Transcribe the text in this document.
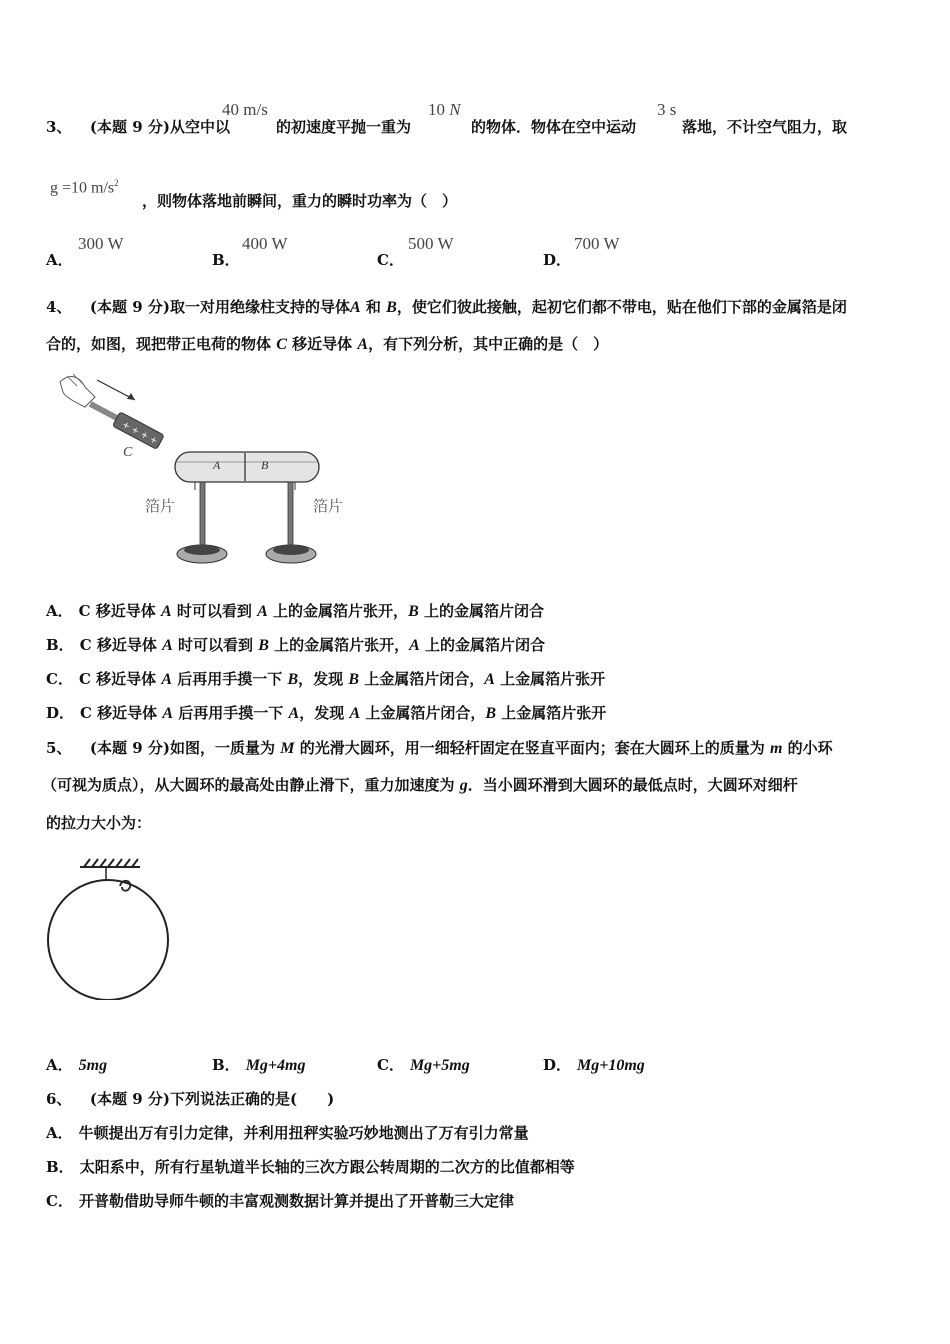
3、 (本题 9 分)从空中以
40 m/s
的初速度平抛一重为
10 N
的物体．物体在空中运动
3 s
落地，不计空气阻力，取
g =10 $m/s^2$
，则物体落地前瞬间，重力的瞬时功率为（　）
A．
300 W
B．
400 W
C．
500 W
D．
700 W
4、 (本题 9 分)取一对用绝缘柱支持的导体A 和 B，使它们彼此接触，起初它们都不带电，贴在他们下部的金属箔是闭
合的，如图，现把带正电荷的物体 C 移近导体 A，有下列分析，其中正确的是（　）
+ + + +
C
A	B
箔片	箔片
A． C 移近导体 A 时可以看到 A 上的金属箔片张开，B 上的金属箔片闭合
B． C 移近导体 A 时可以看到 B 上的金属箔片张开，A 上的金属箔片闭合
C． C 移近导体 A 后再用手摸一下 B，发现 B 上金属箔片闭合，A 上金属箔片张开
D． C 移近导体 A 后再用手摸一下 A，发现 A 上金属箔片闭合，B 上金属箔片张开
5、 (本题 9 分)如图，一质量为 M 的光滑大圆环，用一细轻杆固定在竖直平面内；套在大圆环上的质量为 m 的小环
（可视为质点），从大圆环的最高处由静止滑下，重力加速度为 g．当小圆环滑到大圆环的最低点时，大圆环对细杆
的拉力大小为：
A． 5mg	B． Mg+4mg	C． Mg+5mg	D． Mg+10mg
6、 (本题 9 分)下列说法正确的是(　　)
A． 牛顿提出万有引力定律，并利用扭秤实验巧妙地测出了万有引力常量
B． 太阳系中，所有行星轨道半长轴的三次方跟公转周期的二次方的比值都相等
C． 开普勒借助导师牛顿的丰富观测数据计算并提出了开普勒三大定律
